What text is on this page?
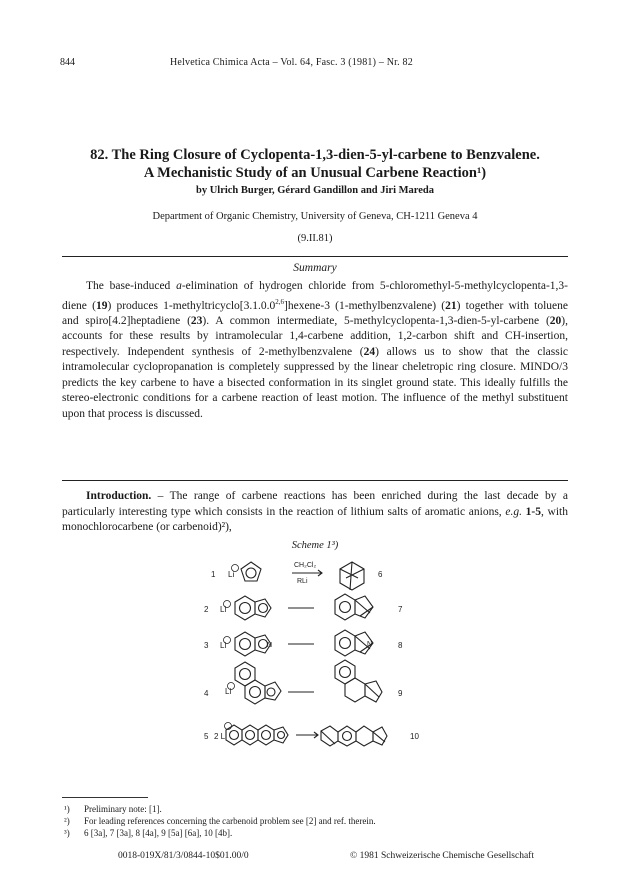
844	Helvetica Chimica Acta – Vol. 64, Fasc. 3 (1981) – Nr. 82
82. The Ring Closure of Cyclopenta-1,3-dien-5-yl-carbene to Benzvalene.
A Mechanistic Study of an Unusual Carbene Reaction¹)
by Ulrich Burger, Gérard Gandillon and Jiri Mareda
Department of Organic Chemistry, University of Geneva, CH-1211 Geneva 4
(9.II.81)
Summary

The base-induced a-elimination of hydrogen chloride from 5-chloromethyl-5-methylcyclopenta-1,3-diene (19) produces 1-methyltricyclo[3.1.0.0$^{2,6}$]hexene-3 (1-methylbenzvalene) (21) together with toluene and spiro[4.2]heptadiene (23). A common intermediate, 5-methylcyclopenta-1,3-dien-5-yl-carbene (20), accounts for these results by intramolecular 1,4-carbene addition, 1,2-carbon shift and CH-insertion, respectively. Independent synthesis of 2-methylbenzvalene (24) allows us to show that the classic intramolecular cyclopropanation is completely suppressed by the linear cheletropic ring closure. MINDO/3 predicts the key carbene to have a bisected conformation in its singlet ground state. This ideally fulfills the stereo-electronic conditions for a carbene reaction of least motion. The influence of the methyl substituent upon that process is discussed.

Introduction. – The range of carbene reactions has been enriched during the last decade by a particularly interesting type which consists in the reaction of lithium salts of aromatic anions, e.g. 1-5, with monochlorocarbene (or carbenoid)²),

Scheme 1³)
1 Li	6
CH₂Cl₂
RLi
2 Li	7
3 Li	N	N	8
4 Li	9
5 2 Li	10
¹) Preliminary note: [1].
²) For leading references concerning the carbenoid problem see [2] and ref. therein.
³) 6 [3a], 7 [3a], 8 [4a], 9 [5a] [6a], 10 [4b].
0018-019X/81/3/0844-10$01.00/0	© 1981 Schweizerische Chemische Gesellschaft
